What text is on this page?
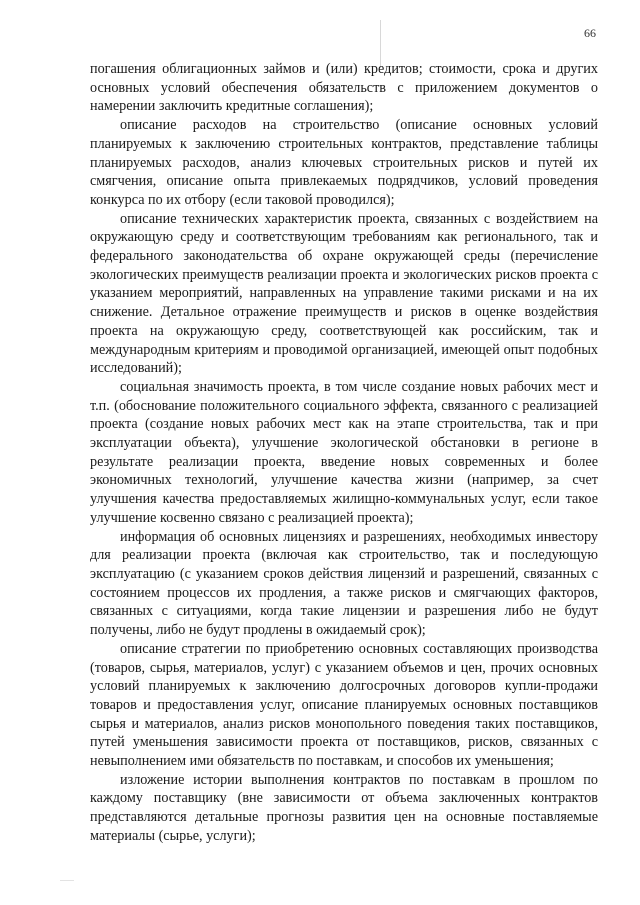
66

погашения облигационных займов и (или) кредитов; стоимости, срока и других основных условий обеспечения обязательств с приложением документов о намерении заключить кредитные соглашения);

описание расходов на строительство (описание основных условий планируемых к заключению строительных контрактов, представление таблицы планируемых расходов, анализ ключевых строительных рисков и путей их смягчения, описание опыта привлекаемых подрядчиков, условий проведения конкурса по их отбору (если таковой проводился);

описание технических характеристик проекта, связанных с воздействием на окружающую среду и соответствующим требованиям как регионального, так и федерального законодательства об охране окружающей среды (перечисление экологических преимуществ реализации проекта и экологических рисков проекта с указанием мероприятий, направленных на управление такими рисками и на их снижение. Детальное отражение преимуществ и рисков в оценке воздействия проекта на окружающую среду, соответствующей как российским, так и международным критериям и проводимой организацией, имеющей опыт подобных исследований);

социальная значимость проекта, в том числе создание новых рабочих мест и т.п. (обоснование положительного социального эффекта, связанного с реализацией проекта (создание новых рабочих мест как на этапе строительства, так и при эксплуатации объекта), улучшение экологической обстановки в регионе в результате реализации проекта, введение новых современных и более экономичных технологий, улучшение качества жизни (например, за счет улучшения качества предоставляемых жилищно-коммунальных услуг, если такое улучшение косвенно связано с реализацией проекта);

информация об основных лицензиях и разрешениях, необходимых инвестору для реализации проекта (включая как строительство, так и последующую эксплуатацию (с указанием сроков действия лицензий и разрешений, связанных с состоянием процессов их продления, а также рисков и смягчающих факторов, связанных с ситуациями, когда такие лицензии и разрешения либо не будут получены, либо не будут продлены в ожидаемый срок);

описание стратегии по приобретению основных составляющих производства (товаров, сырья, материалов, услуг) с указанием объемов и цен, прочих основных условий планируемых к заключению долгосрочных договоров купли-продажи товаров и предоставления услуг, описание планируемых основных поставщиков сырья и материалов, анализ рисков монопольного поведения таких поставщиков, путей уменьшения зависимости проекта от поставщиков, рисков, связанных с невыполнением ими обязательств по поставкам, и способов их уменьшения;

изложение истории выполнения контрактов по поставкам в прошлом по каждому поставщику (вне зависимости от объема заключенных контрактов представляются детальные прогнозы развития цен на основные поставляемые материалы (сырье, услуги);
